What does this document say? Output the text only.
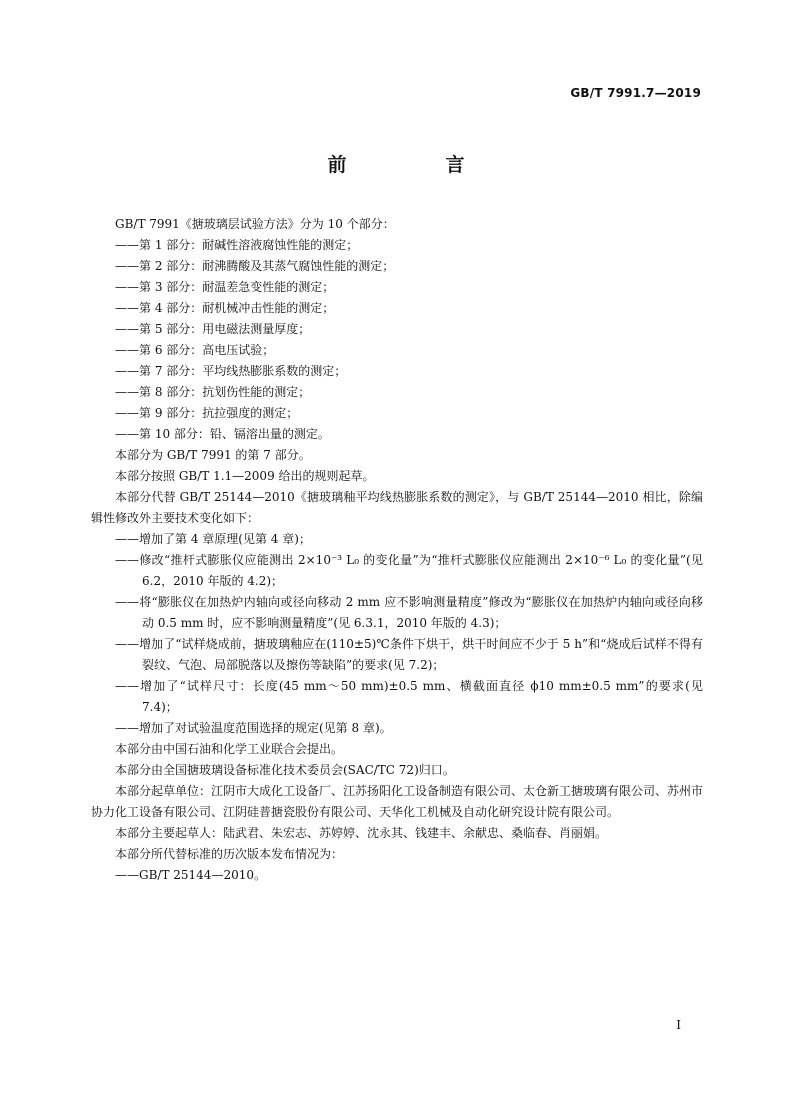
GB/T 7991.7—2019
前　言

GB/T 7991《搪玻璃层试验方法》分为 10 个部分：

——第 1 部分：耐碱性溶液腐蚀性能的测定；

——第 2 部分：耐沸腾酸及其蒸气腐蚀性能的测定；

——第 3 部分：耐温差急变性能的测定；

——第 4 部分：耐机械冲击性能的测定；

——第 5 部分：用电磁法测量厚度；

——第 6 部分：高电压试验；

——第 7 部分：平均线热膨胀系数的测定；

——第 8 部分：抗划伤性能的测定；

——第 9 部分：抗拉强度的测定；

——第 10 部分：铅、镉溶出量的测定。

本部分为 GB/T 7991 的第 7 部分。

本部分按照 GB/T 1.1—2009 给出的规则起草。

本部分代替 GB/T 25144—2010《搪玻璃釉平均线热膨胀系数的测定》，与 GB/T 25144—2010 相比，除编辑性修改外主要技术变化如下：

——增加了第 4 章原理(见第 4 章)；

——修改“推杆式膨胀仪应能测出 2×10⁻³ L₀ 的变化量”为“推杆式膨胀仪应能测出 2×10⁻⁶ L₀ 的变化量”(见 6.2，2010 年版的 4.2)；

——将“膨胀仪在加热炉内轴向或径向移动 2 mm 应不影响测量精度”修改为“膨胀仪在加热炉内轴向或径向移动 0.5 mm 时，应不影响测量精度”(见 6.3.1，2010 年版的 4.3)；

——增加了“试样烧成前，搪玻璃釉应在(110±5)℃条件下烘干，烘干时间应不少于 5 h”和“烧成后试样不得有裂纹、气泡、局部脱落以及擦伤等缺陷”的要求(见 7.2)；

——增加了“试样尺寸：长度(45 mm～50 mm)±0.5 mm、横截面直径 ϕ10 mm±0.5 mm”的要求(见 7.4)；

——增加了对试验温度范围选择的规定(见第 8 章)。

本部分由中国石油和化学工业联合会提出。

本部分由全国搪玻璃设备标准化技术委员会(SAC/TC 72)归口。

本部分起草单位：江阴市大成化工设备厂、江苏扬阳化工设备制造有限公司、太仓新工搪玻璃有限公司、苏州市协力化工设备有限公司、江阴硅普搪瓷股份有限公司、天华化工机械及自动化研究设计院有限公司。

本部分主要起草人：陆武君、朱宏志、苏婷婷、沈永其、钱建丰、余献忠、桑临春、肖丽娟。

本部分所代替标准的历次版本发布情况为：

——GB/T 25144—2010。

I
